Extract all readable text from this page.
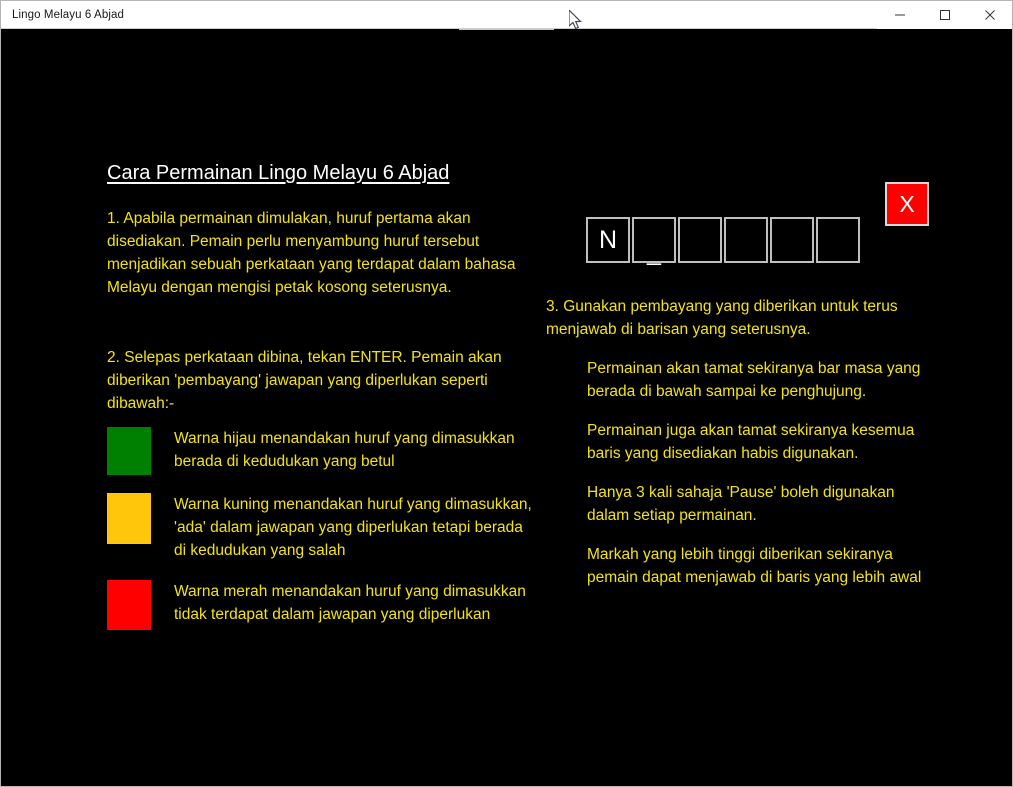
Lingo Melayu 6 Abjad
Cara Permainan Lingo Melayu 6 Abjad
1. Apabila permainan dimulakan, huruf pertama akan disediakan. Pemain perlu menyambung huruf tersebut menjadikan sebuah perkataan yang terdapat dalam bahasa Melayu dengan mengisi petak kosong seterusnya.
2. Selepas perkataan dibina, tekan ENTER. Pemain akan diberikan 'pembayang' jawapan yang diperlukan seperti dibawah:-
Warna hijau menandakan huruf yang dimasukkan berada di kedudukan yang betul
Warna kuning menandakan huruf yang dimasukkan, 'ada' dalam jawapan yang diperlukan tetapi berada di kedudukan yang salah
Warna merah menandakan huruf yang dimasukkan tidak terdapat dalam jawapan yang diperlukan
X
N	_
3. Gunakan pembayang yang diberikan untuk terus menjawab di barisan yang seterusnya.
Permainan akan tamat sekiranya bar masa yang berada di bawah sampai ke penghujung.
Permainan juga akan tamat sekiranya kesemua baris yang disediakan habis digunakan.
Hanya 3 kali sahaja 'Pause' boleh digunakan dalam setiap permainan.
Markah yang lebih tinggi diberikan sekiranya pemain dapat menjawab di baris yang lebih awal
